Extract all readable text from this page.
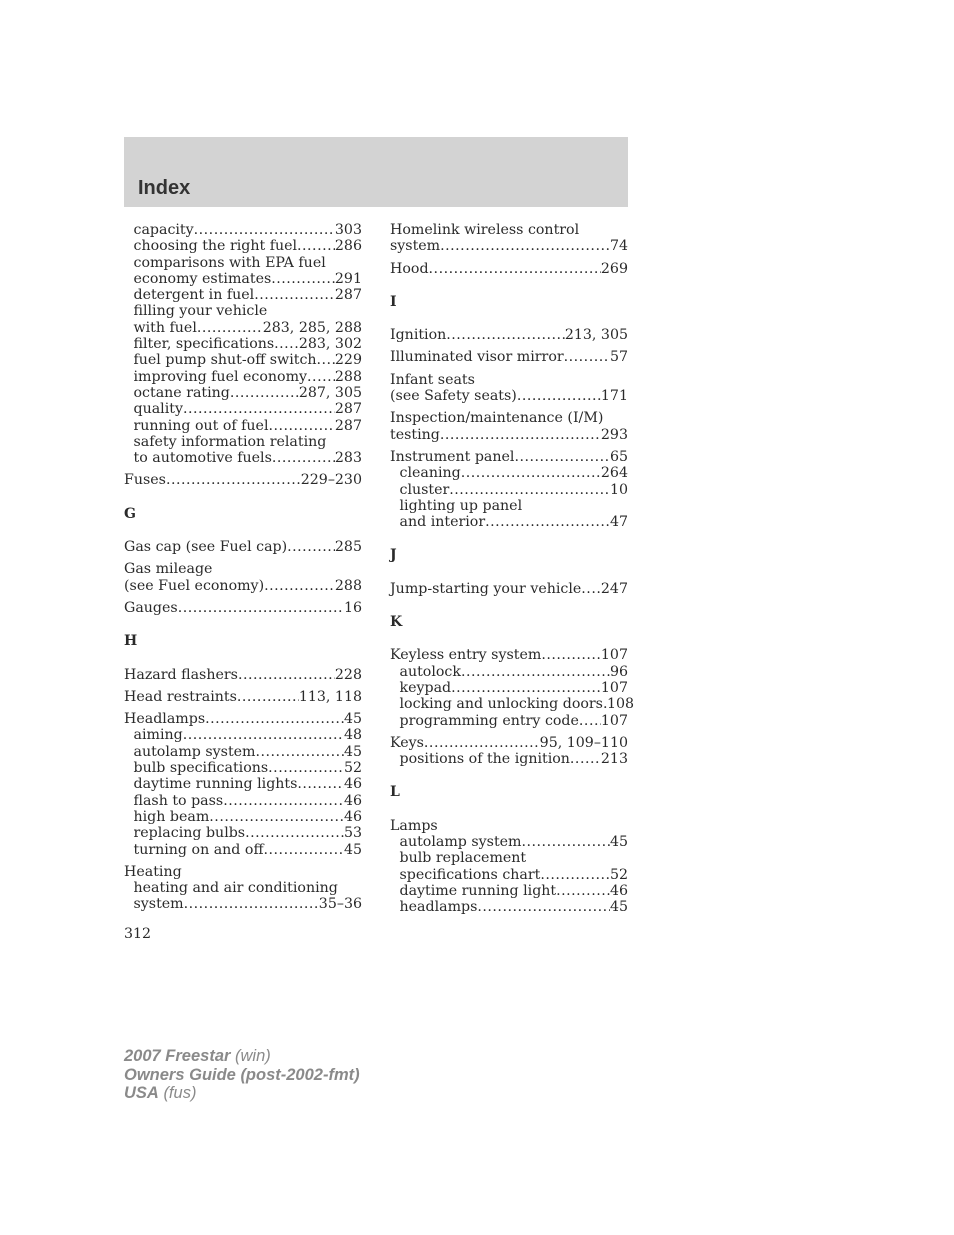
Index
capacity .....	303
choosing the right fuel .....	286
comparisons with EPA fuel
economy estimates .....	291
detergent in fuel .....	287
filling your vehicle
with fuel .....	283, 285, 288
filter, specifications ..... 283, 302
fuel pump shut-off switch ..... 229
improving fuel economy ..... 288
octane rating .....	287, 305
quality .....	287
running out of fuel .....	287
safety information relating
to automotive fuels .....	283
Fuses .....	229–230
G
Gas cap (see Fuel cap) .....	285
Gas mileage
(see Fuel economy) .....	288
Gauges .....	16
H
Hazard flashers .....	228
Head restraints .....	113, 118
Headlamps .....	45
aiming .....	48
autolamp system .....	45
bulb specifications .....	52
daytime running lights .....	46
flash to pass .....	46
high beam .....	46
replacing bulbs .....	53
turning on and off .....	45
Heating
heating and air conditioning
system .....	35–36
Homelink wireless control
system .....	74
Hood .....	269
I
Ignition .....	213, 305
Illuminated visor mirror .....	57
Infant seats
(see Safety seats) .....	171
Inspection/maintenance (I/M)
testing .....	293
Instrument panel .....	65
cleaning .....	264
cluster .....	10
lighting up panel
and interior .....	47
J
Jump-starting your vehicle ..... 247
K
Keyless entry system .....	107
autolock .....	96
keypad .....	107
locking and unlocking doors ..... 108
programming entry code ..... 107
Keys .....	95, 109–110
positions of the ignition ..... 213
L
Lamps
autolamp system .....	45
bulb replacement
specifications chart .....	52
daytime running light .....	46
headlamps .....	45
312
2007 Freestar (win)
Owners Guide (post-2002-fmt)
USA (fus)
